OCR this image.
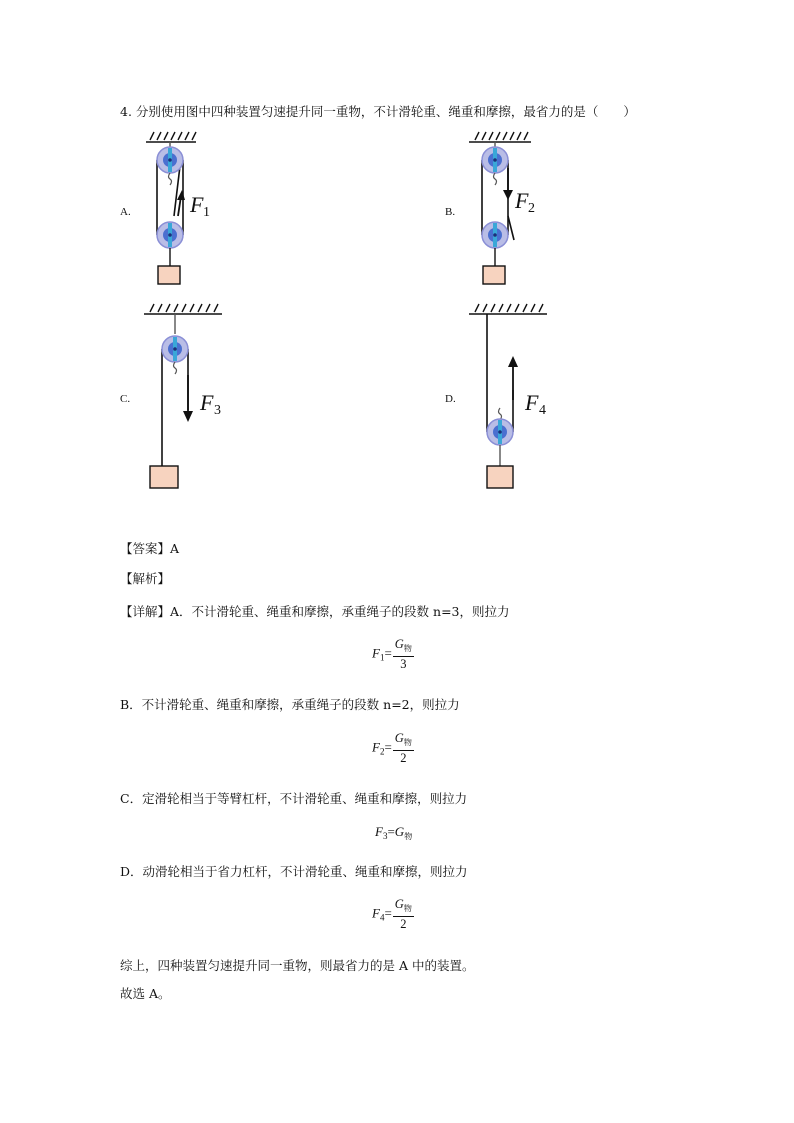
4. 分别使用图中四种装置匀速提升同一重物，不计滑轮重、绳重和摩擦，最省力的是（　　）
A.	B.
C.	D.
F 1	F 2
F 3	F 4
【答案】A
【解析】
【详解】A．不计滑轮重、绳重和摩擦，承重绳子的段数 n=3，则拉力
$F_1= \frac{G_物}{3}$
B．不计滑轮重、绳重和摩擦，承重绳子的段数 n=2，则拉力
$F_2= \frac{G_物}{2}$
C．定滑轮相当于等臂杠杆，不计滑轮重、绳重和摩擦，则拉力
$F_3=G_物$
D．动滑轮相当于省力杠杆，不计滑轮重、绳重和摩擦，则拉力
$F_4= \frac{G_物}{2}$
综上，四种装置匀速提升同一重物，则最省力的是 A 中的装置。
故选 A。
